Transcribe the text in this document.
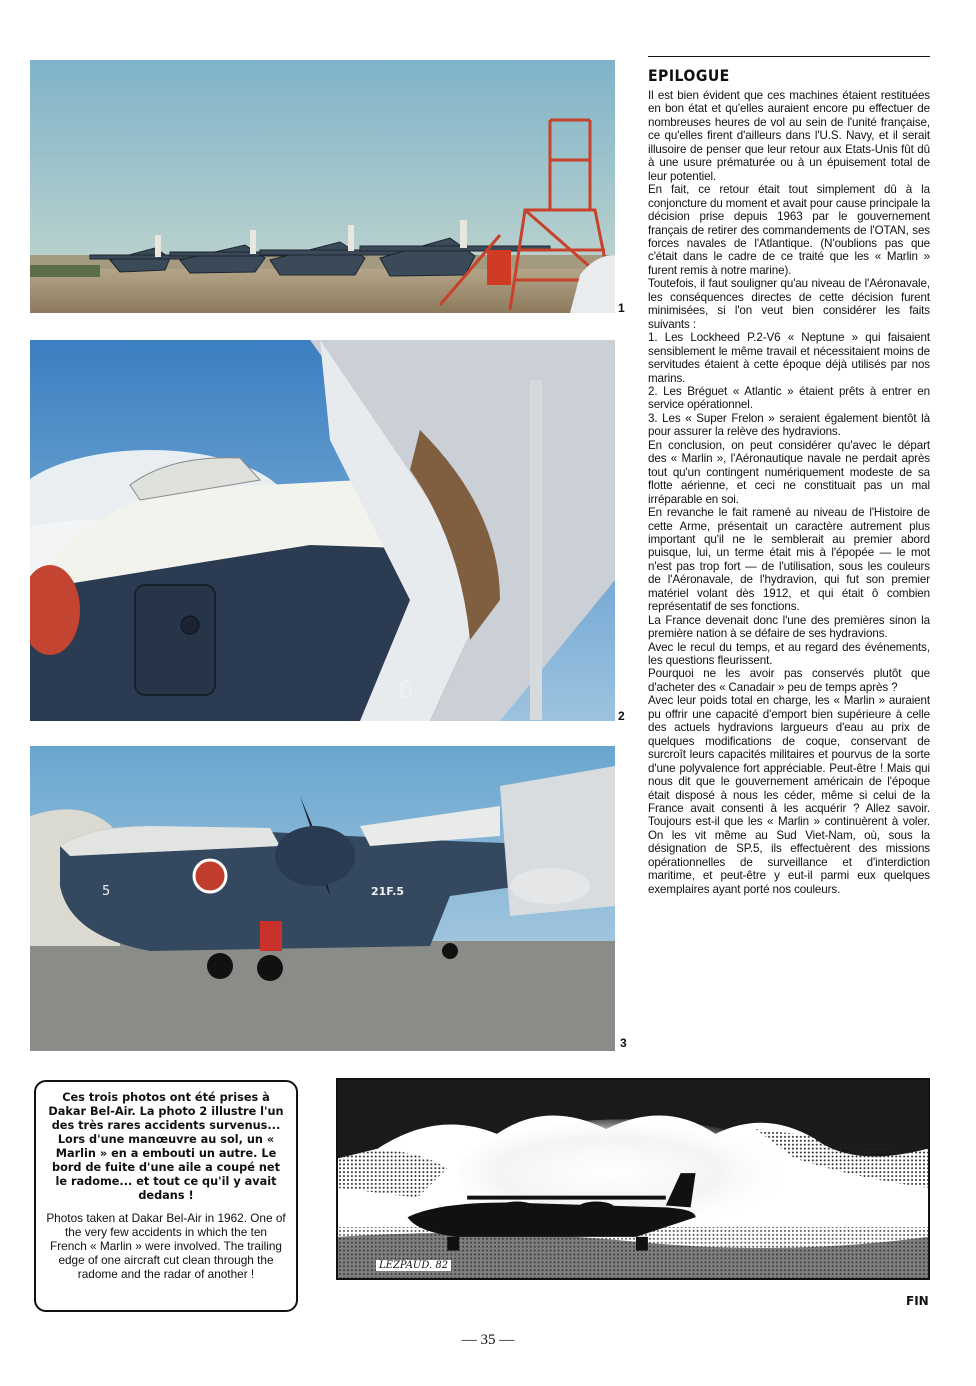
1
6
2
5	21F.5
3
EPILOGUE

Il est bien évident que ces machines étaient restituées en bon état et qu'elles auraient encore pu effectuer de nombreuses heures de vol au sein de l'unité française, ce qu'elles firent d'ailleurs dans l'U.S. Navy, et il serait illusoire de penser que leur retour aux Etats-Unis fût dû à une usure prématurée ou à un épuisement total de leur potentiel.

En fait, ce retour était tout simplement dû à la conjoncture du moment et avait pour cause principale la décision prise depuis 1963 par le gouvernement français de retirer des commandements de l'OTAN, ses forces navales de l'Atlantique. (N'oublions pas que c'était dans le cadre de ce traité que les « Marlin » furent remis à notre marine).

Toutefois, il faut souligner qu'au niveau de l'Aéronavale, les conséquences directes de cette décision furent minimisées, si l'on veut bien considérer les faits suivants :

1. Les Lockheed P.2-V6 « Neptune » qui faisaient sensiblement le même travail et nécessitaient moins de servitudes étaient à cette époque déjà utilisés par nos marins.

2. Les Bréguet « Atlantic » étaient prêts à entrer en service opérationnel.

3. Les « Super Frelon » seraient également bientôt là pour assurer la relève des hydravions.

En conclusion, on peut considérer qu'avec le départ des « Marlin », l'Aéronautique navale ne perdait après tout qu'un contingent numériquement modeste de sa flotte aérienne, et ceci ne constituait pas un mal irréparable en soi.

En revanche le fait ramené au niveau de l'Histoire de cette Arme, présentait un caractère autrement plus important qu'il ne le semblerait au premier abord puisque, lui, un terme était mis à l'épopée — le mot n'est pas trop fort — de l'utilisation, sous les couleurs de l'Aéronavale, de l'hydravion, qui fut son premier matériel volant dès 1912, et qui était ô combien représentatif de ses fonctions.

La France devenait donc l'une des premières sinon la première nation à se défaire de ses hydravions.

Avec le recul du temps, et au regard des événements, les questions fleurissent.

Pourquoi ne les avoir pas conservés plutôt que d'acheter des « Canadair » peu de temps après ?

Avec leur poids total en charge, les « Marlin » auraient pu offrir une capacité d'emport bien supérieure à celle des actuels hydravions largueurs d'eau au prix de quelques modifications de coque, conservant de surcroît leurs capacités militaires et pourvus de la sorte d'une polyvalence fort appréciable. Peut-être ! Mais qui nous dit que le gouvernement américain de l'époque était disposé à nous les céder, même si celui de la France avait consenti à les acquérir ? Allez savoir. Toujours est-il que les « Marlin » continuèrent à voler. On les vit même au Sud Viet-Nam, où, sous la désignation de SP.5, ils effectuèrent des missions opérationnelles de surveillance et d'interdiction maritime, et peut-être y eut-il parmi eux quelques exemplaires ayant porté nos couleurs.

Ces trois photos ont été prises à Dakar Bel-Air. La photo 2 illustre l'un des très rares accidents survenus... Lors d'une manœuvre au sol, un « Marlin » en a embouti un autre. Le bord de fuite d'une aile a coupé net le radome... et tout ce qu'il y avait dedans !

Photos taken at Dakar Bel-Air in 1962. One of the very few accidents in which the ten French « Marlin » were involved. The trailing edge of one aircraft cut clean through the radome and the radar of another !

LEZPAUD. 82
FIN
— 35 —
